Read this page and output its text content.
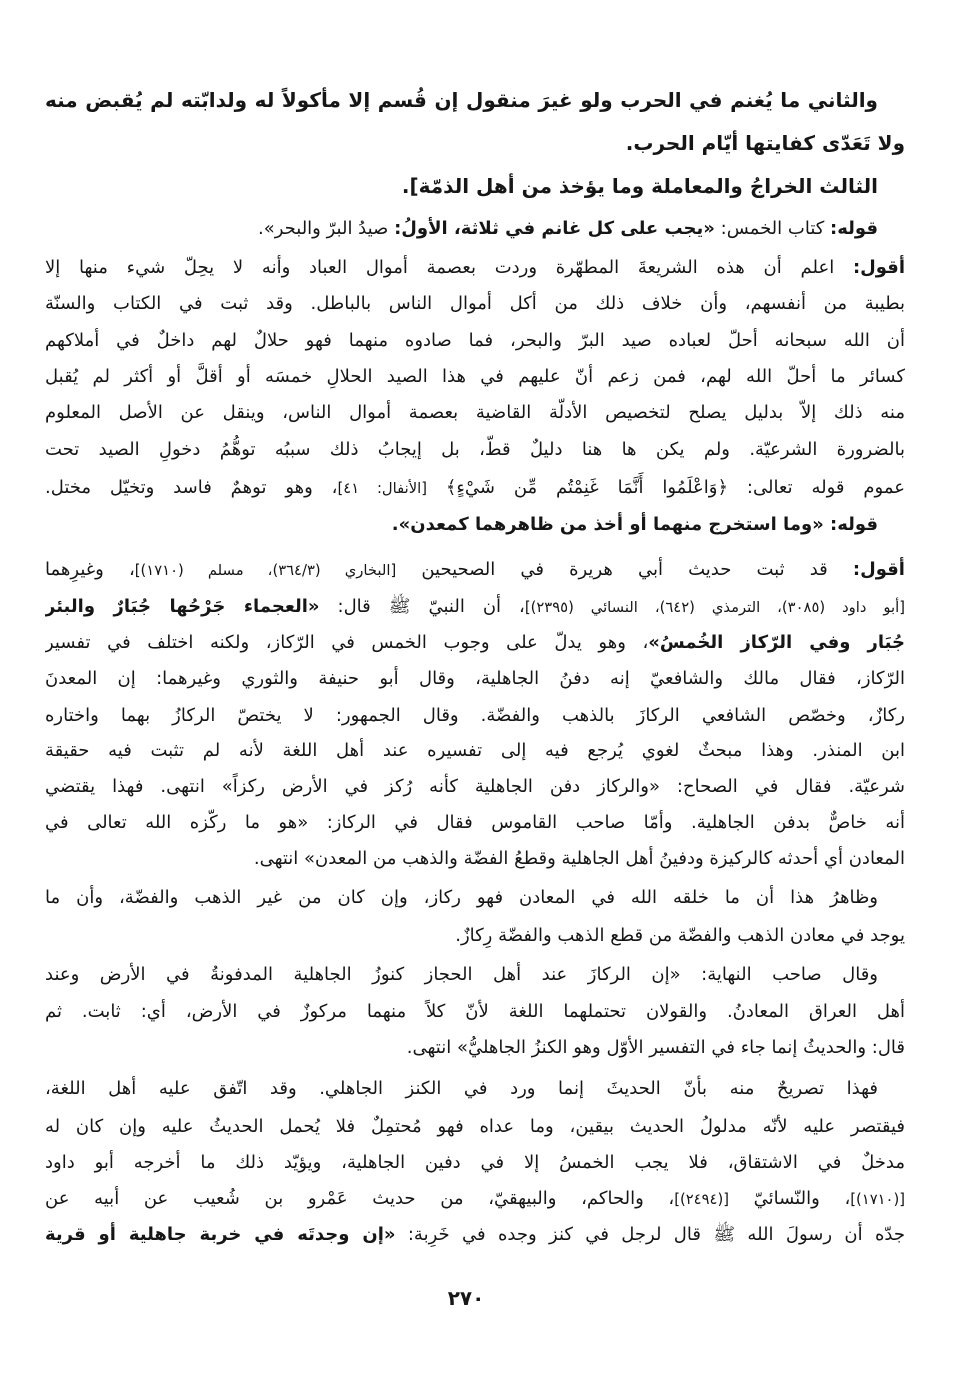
والثاني ما يُغنم في الحرب ولو غيرَ منقول إن قُسم إلا مأكولاً له ولدابّته لم يُقبض منه
ولا تَعَدّى كفايتها أيّام الحرب.
الثالث الخراجُ والمعاملة وما يؤخذ من أهل الذمّة].
قوله: كتاب الخمس: «يجب على كل غانم في ثلاثة، الأولُ: صيدُ البرّ والبحر».
أقول: اعلم أن هذه الشريعةَ المطهّرة وردت بعصمة أموال العباد وأنه لا يحِلّ شيء منها إلا
بطيبة من أنفسهم، وأن خلاف ذلك من أكل أموال الناس بالباطل. وقد ثبت في الكتاب والسنّة
أن الله سبحانه أحلّ لعباده صيد البرّ والبحر، فما صادوه منهما فهو حلالٌ لهم داخلٌ في أملاكهم
كسائر ما أحلّ الله لهم، فمن زعم أنّ عليهم في هذا الصيد الحلالِ خمسَه أو أقلَّ أو أكثر لم يُقبل
منه ذلك إلاّ بدليل يصلح لتخصيص الأدلّة القاضية بعصمة أموال الناس، وينقل عن الأصل المعلوم
بالضرورة الشرعيّة. ولم يكن ها هنا دليلٌ قطّ، بل إيجابُ ذلك سببُه توهُّمُ دخولِ الصيد تحت
عموم قوله تعالى: ﴿وَاعْلَمُوا أَنَّمَا غَنِمْتُم مِّن شَيْءٍ﴾ [الأنفال: ٤١]، وهو توهمٌ فاسد وتخيّل مختل.
قوله: «وما استخرج منهما أو أخذ من ظاهرهما كمعدن».
أقول: قد ثبت حديث أبي هريرة في الصحيحين [البخاري (٣٦٤/٣)، مسلم (١٧١٠)]، وغيرِهما
[أبو داود (٣٠٨٥)، الترمذي (٦٤٢)، النسائي (٢٣٩٥)]، أن النبيّ ﷺ قال: «العجماء جَرْحُها جُبَارٌ والبئر
جُبَار وفي الرّكاز الخُمسُ»، وهو يدلّ على وجوب الخمس في الرّكاز، ولكنه اختلف في تفسير
الرّكاز، فقال مالك والشافعيّ إنه دفنُ الجاهلية، وقال أبو حنيفة والثوري وغيرهما: إن المعدنَ
ركازٌ، وخصّص الشافعي الركازَ بالذهب والفضّة. وقال الجمهور: لا يختصّ الركازُ بهما واختاره
ابن المنذر. وهذا مبحثٌ لغوي يُرجع فيه إلى تفسيره عند أهل اللغة لأنه لم تثبت فيه حقيقة
شرعيّة. فقال في الصحاح: «والركاز دفن الجاهلية كأنه رُكز في الأرض ركزاً» انتهى. فهذا يقتضي
أنه خاصٌّ بدفن الجاهلية. وأمّا صاحب القاموس فقال في الركاز: «هو ما ركّزه الله تعالى في
المعادن أي أحدثه كالركيزة ودفينُ أهل الجاهلية وقطعُ الفضّة والذهب من المعدن» انتهى.
وظاهرُ هذا أن ما خلقه الله في المعادن فهو ركاز، وإن كان من غير الذهب والفضّة، وأن ما
يوجد في معادن الذهب والفضّة من قطع الذهب والفضّة رِكازٌ.
وقال صاحب النهاية: «إن الركازَ عند أهل الحجاز كنوزُ الجاهلية المدفونةُ في الأرض وعند
أهل العراق المعادنُ. والقولان تحتملهما اللغة لأنّ كلاً منهما مركوزٌ في الأرض، أي: ثابت. ثم
قال: والحديثُ إنما جاء في التفسير الأوّل وهو الكنزُ الجاهليُّ» انتهى.
فهذا تصريحٌ منه بأنّ الحديثَ إنما ورد في الكنز الجاهلي. وقد اتّفق عليه أهل اللغة،
فيقتصر عليه لأنّه مدلولُ الحديث بيقين، وما عداه فهو مُحتمِلٌ فلا يُحمل الحديثُ عليه وإن كان له
مدخلٌ في الاشتقاق، فلا يجب الخمسُ إلا في دفين الجاهلية، ويؤيّد ذلك ما أخرجه أبو داود
[(١٧١٠)]، والنّسائيّ [(٢٤٩٤)]، والحاكم، والبيهقيّ، من حديث عَمْرو بن شُعيب عن أبيه عن
جدّه أن رسولَ الله ﷺ قال لرجل في كنز وجده في خَرِبة: «إن وجدتَه في خربة جاهلية أو قرية
٢٧٠
